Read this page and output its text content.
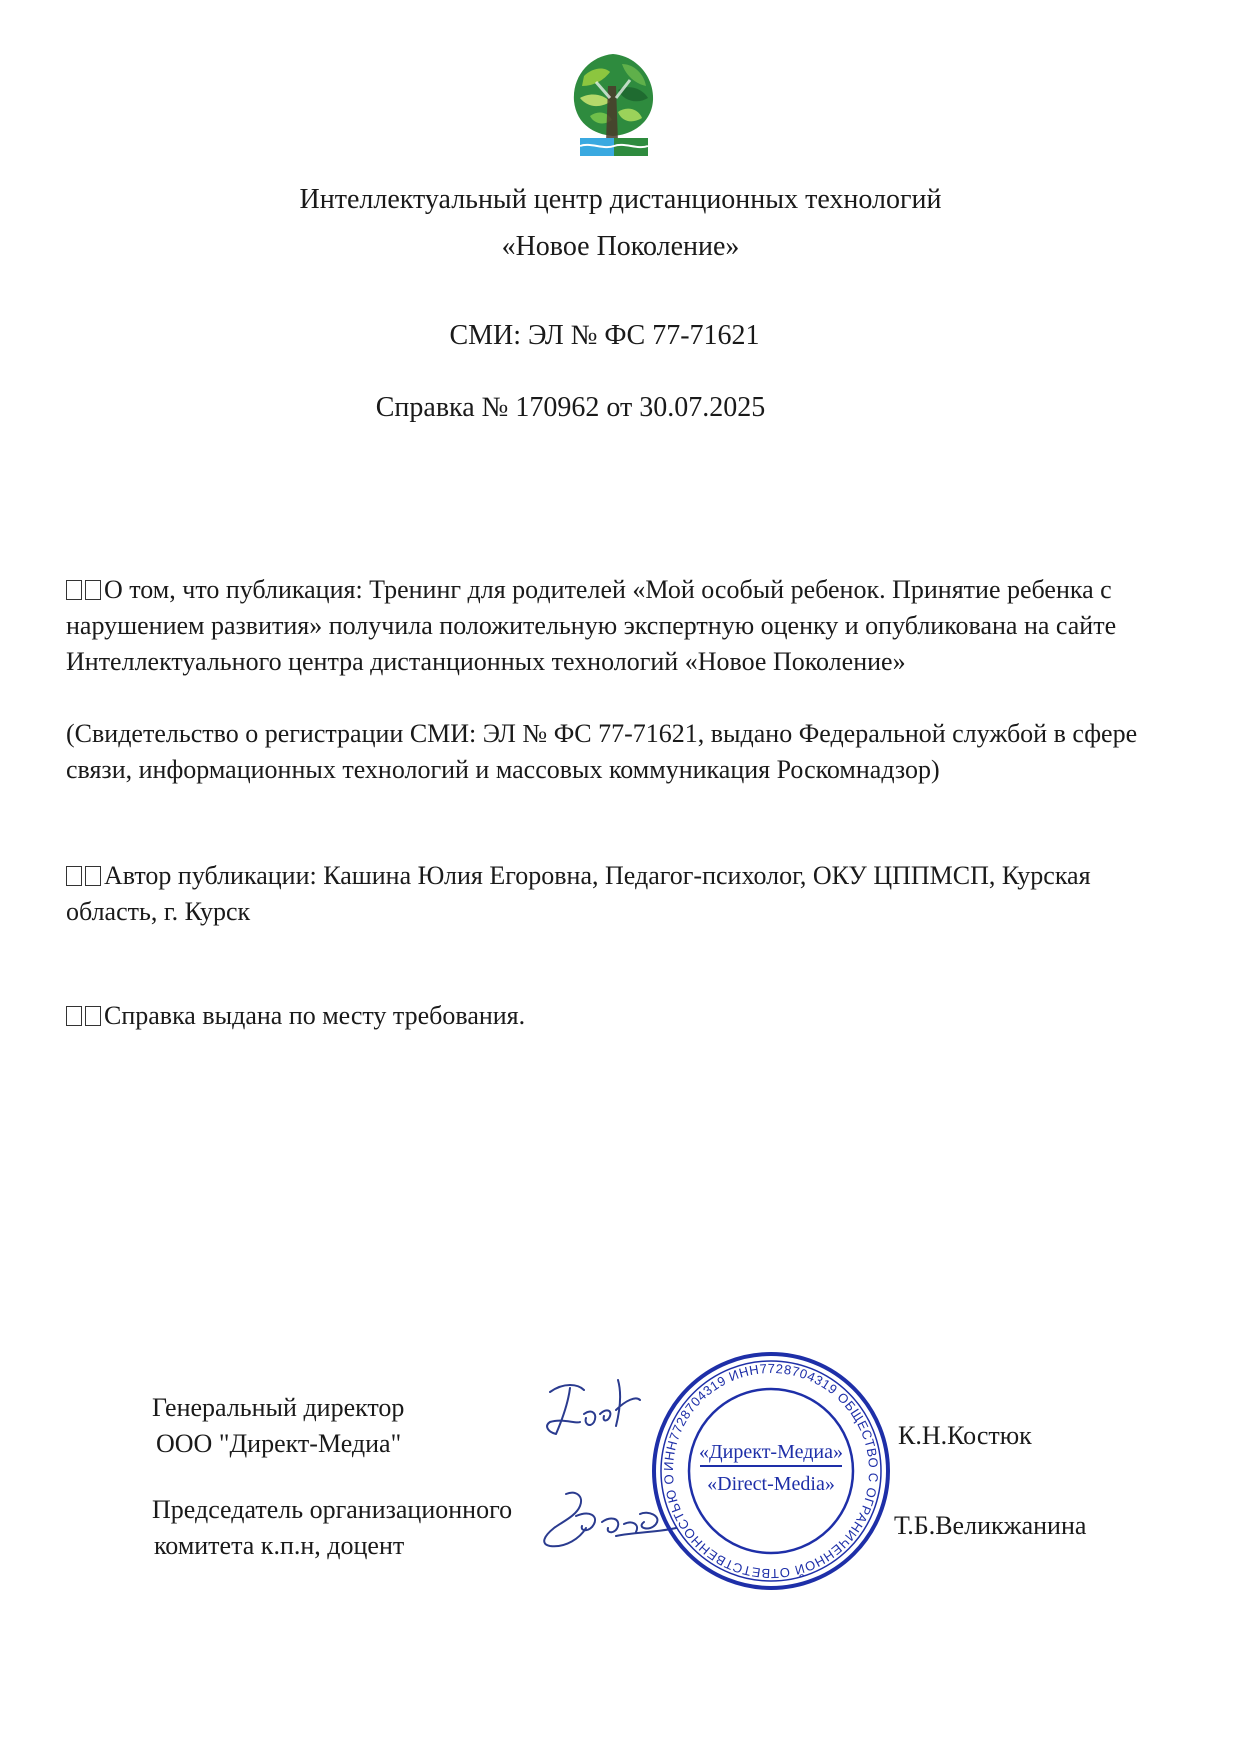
Интеллектуальный центр дистанционных технологий
«Новое Поколение»
СМИ: ЭЛ № ФС 77-71621
Справка № 170962 от 30.07.2025
О том, что публикация: Тренинг для родителей «Мой особый ребенок. Принятие ребенка с нарушением развития» получила положительную экспертную оценку и опубликована на сайте Интеллектуального центра дистанционных технологий «Новое Поколение»
(Свидетельство о регистрации СМИ: ЭЛ № ФС 77-71621, выдано Федеральной службой в сфере связи, информационных технологий и массовых коммуникация Роскомнадзор)
Автор публикации: Кашина Юлия Егоровна, Педагог-психолог, ОКУ ЦППМСП, Курская область, г. Курск
Справка выдана по месту требования.
Генеральный директор
ООО "Директ-Медиа"
Председатель организационного
комитета к.п.н, доцент
К.Н.Костюк
Т.Б.Великжанина
ИНН7728704319 ИНН7728704319 ОБЩЕСТВО С ОГРАНИЧЕННОЙ ОТВЕТСТВЕННОСТЬЮ О
«Директ-Медиа»
«Direct-Media»
